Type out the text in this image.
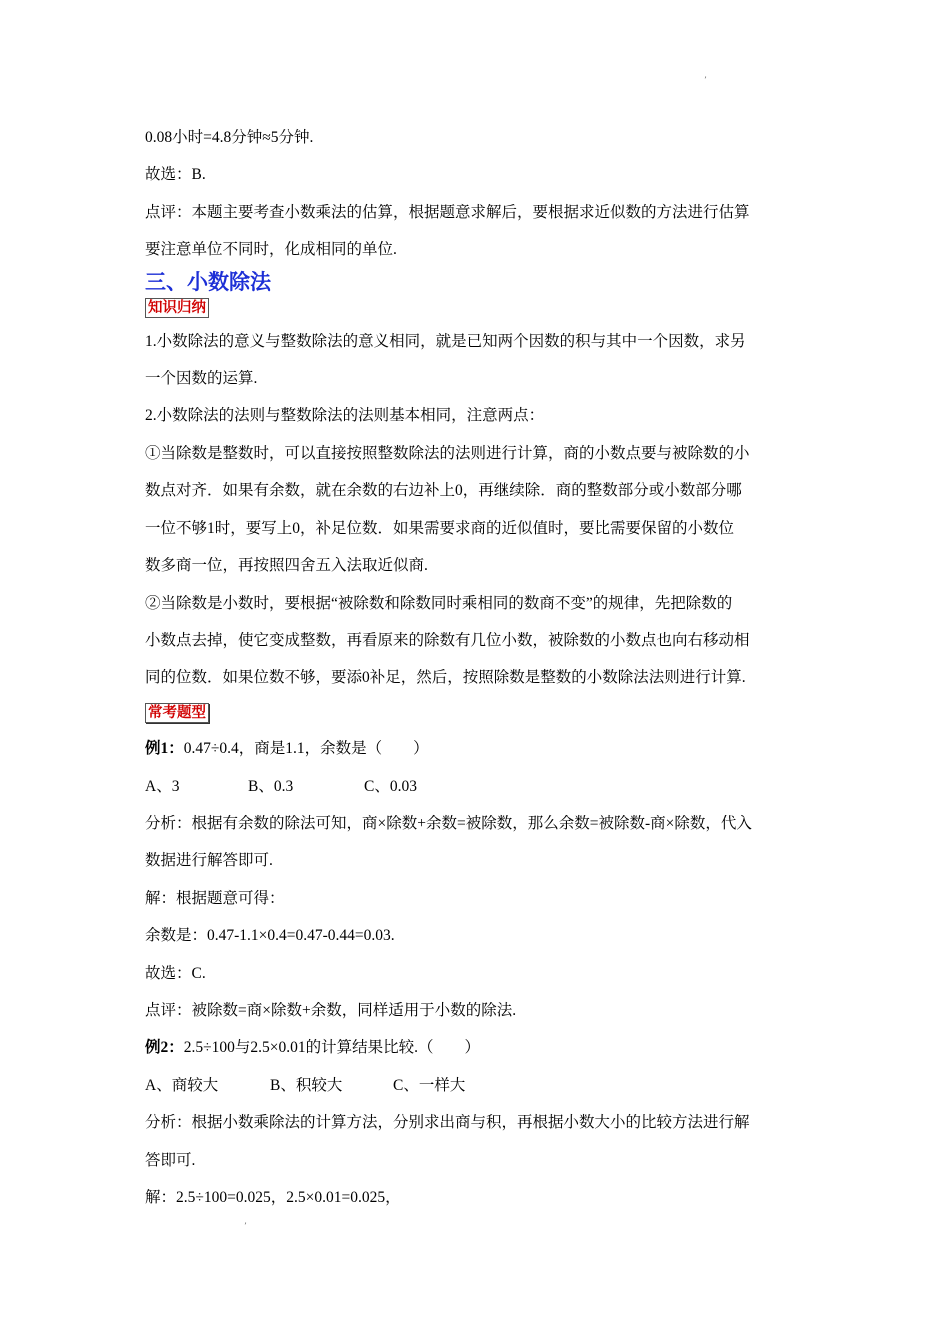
ʼ
0.08小时=4.8分钟≈5分钟.
故选：B.
点评：本题主要考查小数乘法的估算，根据题意求解后，要根据求近似数的方法进行估算
要注意单位不同时，化成相同的单位.
三、小数除法
知识归纳
1.小数除法的意义与整数除法的意义相同，就是已知两个因数的积与其中一个因数，求另
一个因数的运算.
2.小数除法的法则与整数除法的法则基本相同，注意两点：
①当除数是整数时，可以直接按照整数除法的法则进行计算，商的小数点要与被除数的小
数点对齐．如果有余数，就在余数的右边补上0，再继续除．商的整数部分或小数部分哪
一位不够1时，要写上0，补足位数．如果需要求商的近似值时，要比需要保留的小数位
数多商一位，再按照四舍五入法取近似商.
②当除数是小数时，要根据“被除数和除数同时乘相同的数商不变”的规律，先把除数的
小数点去掉，使它变成整数，再看原来的除数有几位小数，被除数的小数点也向右移动相
同的位数．如果位数不够，要添0补足，然后，按照除数是整数的小数除法法则进行计算.
常考题型
例1：0.47÷0.4，商是1.1，余数是（　　）
A、3	B、0.3	C、0.03
分析：根据有余数的除法可知，商×除数+余数=被除数，那么余数=被除数-商×除数，代入
数据进行解答即可.
解：根据题意可得：
余数是：0.47-1.1×0.4=0.47-0.44=0.03.
故选：C.
点评：被除数=商×除数+余数，同样适用于小数的除法.
例2：2.5÷100与2.5×0.01的计算结果比较.（　　）
A、商较大	B、积较大	C、一样大
分析：根据小数乘除法的计算方法，分别求出商与积，再根据小数大小的比较方法进行解
答即可.
解：2.5÷100=0.025，2.5×0.01=0.025，
ʼ
